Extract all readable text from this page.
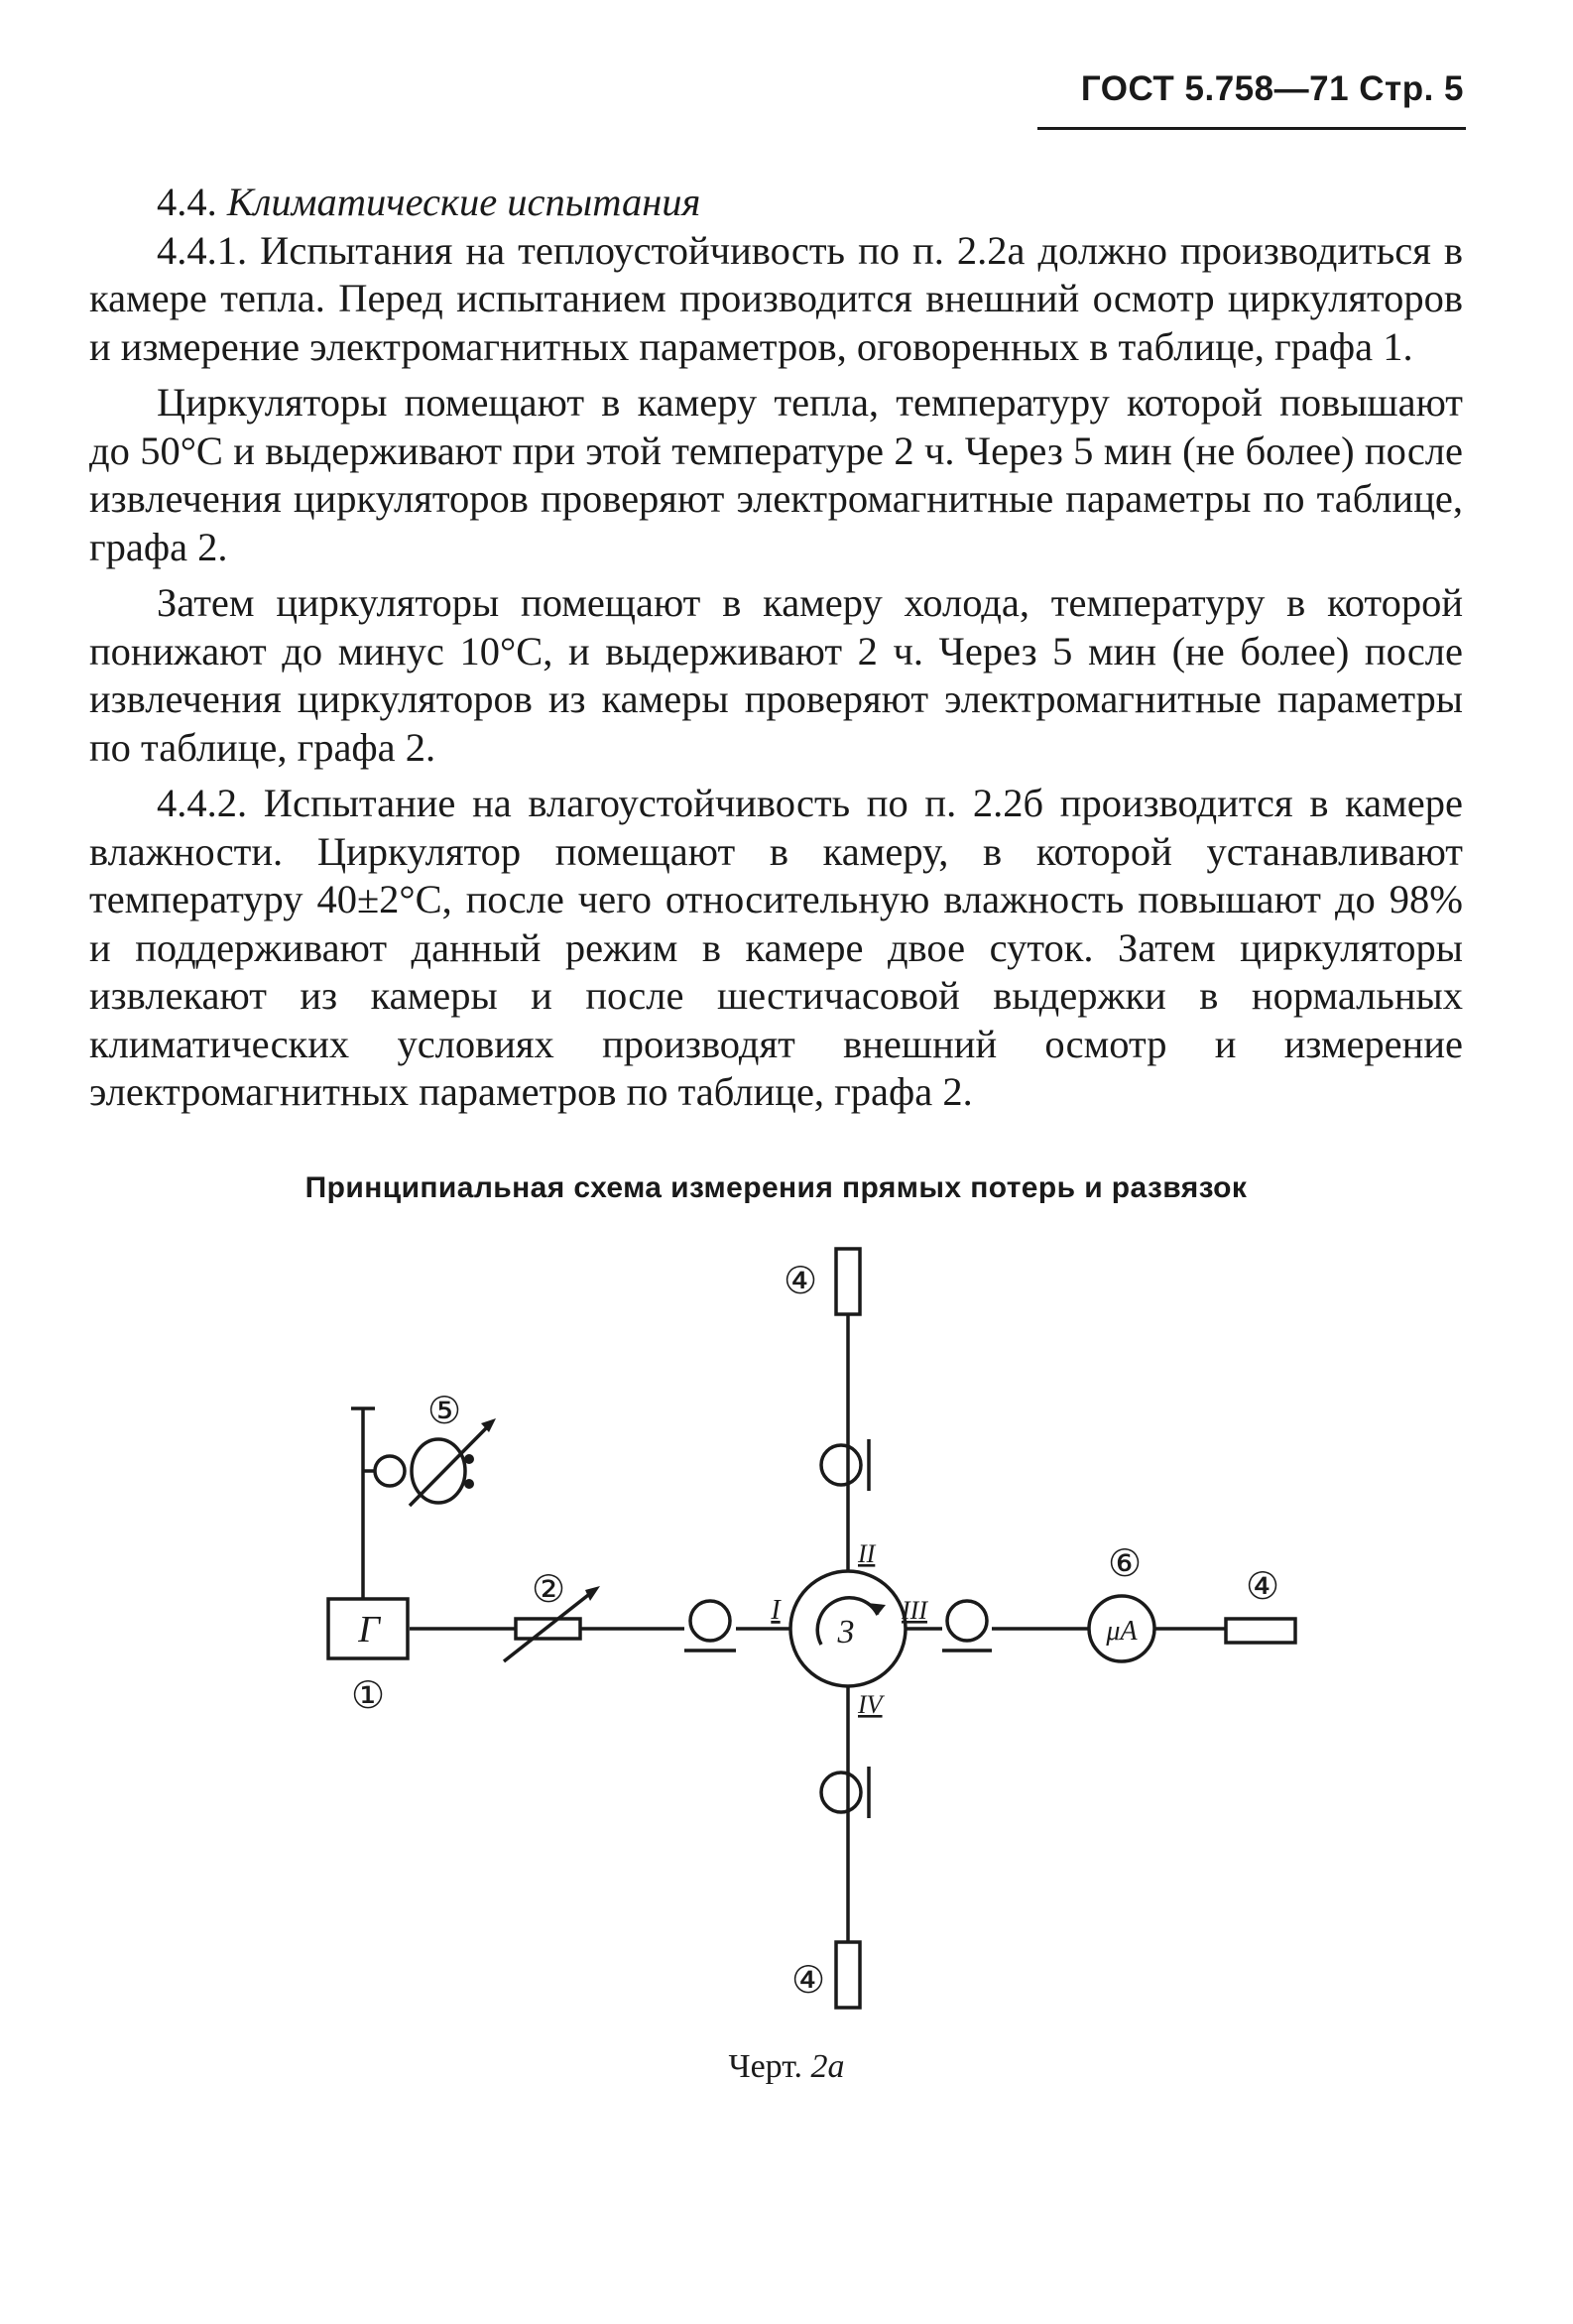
ГОСТ 5.758—71 Стр. 5

4.4. Климатические испытания

4.4.1. Испытания на теплоустойчивость по п. 2.2а должно производиться в камере тепла. Перед испытанием производится внешний осмотр циркуляторов и измерение электромагнитных параметров, оговоренных в таблице, графа 1.

Циркуляторы помещают в камеру тепла, температуру которой повышают до 50°С и выдерживают при этой температуре 2 ч. Через 5 мин (не более) после извлечения циркуляторов проверяют электромагнитные параметры по таблице, графа 2.

Затем циркуляторы помещают в камеру холода, температуру в которой понижают до минус 10°С, и выдерживают 2 ч. Через 5 мин (не более) после извлечения циркуляторов из камеры проверяют электромагнитные параметры по таблице, графа 2.

4.4.2. Испытание на влагоустойчивость по п. 2.2б производится в камере влажности. Циркулятор помещают в камеру, в которой устанавливают температуру 40±2°С, после чего относительную влажность повышают до 98% и поддерживают данный режим в камере двое суток. Затем циркуляторы извлекают из камеры и после шестичасовой выдержки в нормальных климатических условиях производят внешний осмотр и измерение электромагнитных параметров по таблице, графа 2.

Принципиальная схема измерения прямых потерь и развязок
Г	3	μA
①
②
④
④
④
⑤
⑥
I
II
III
IV
Черт. 2а
